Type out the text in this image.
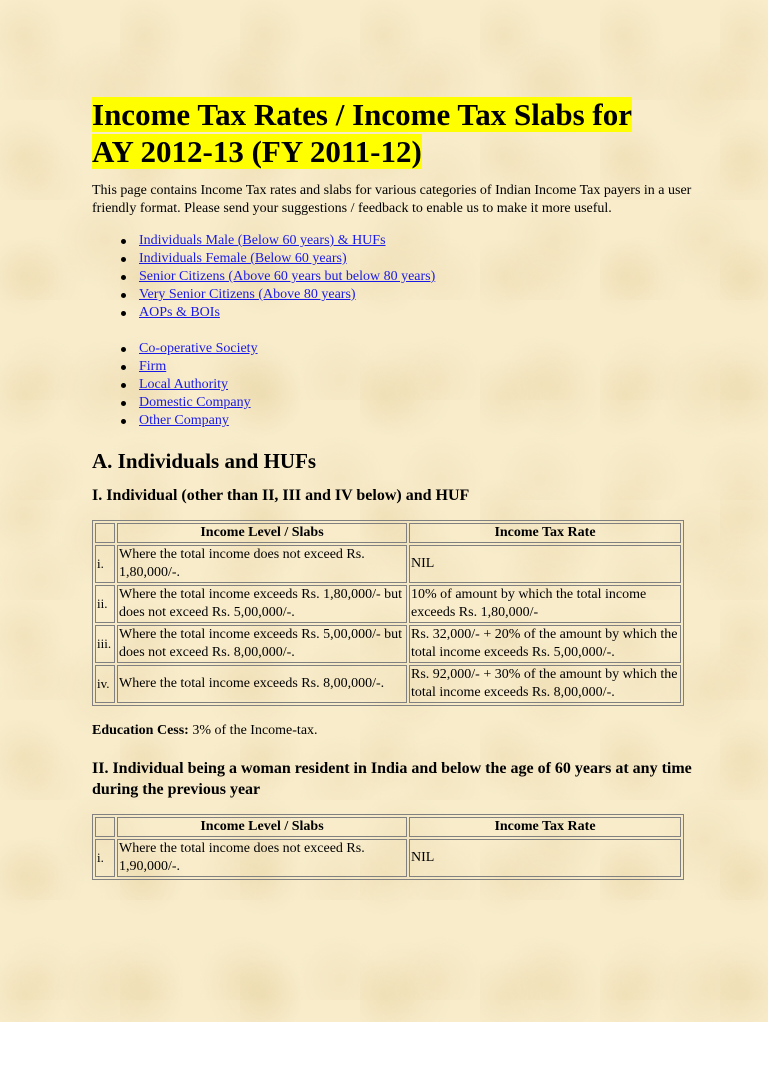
Income Tax Rates / Income Tax Slabs for
AY 2012-13 (FY 2011-12)

This page contains Income Tax rates and slabs for various categories of Indian Income Tax payers in a user friendly format. Please send your suggestions / feedback to enable us to make it more useful.

Individuals Male (Below 60 years) & HUFs
Individuals Female (Below 60 years)
Senior Citizens (Above 60 years but below 80 years)
Very Senior Citizens (Above 80 years)
AOPs & BOIs
Co-operative Society
Firm
Local Authority
Domestic Company
Other Company
A. Individuals and HUFs
I. Individual (other than II, III and IV below) and HUF
	Income Level / Slabs	Income Tax Rate
i.	Where the total income does not exceed Rs. 1,80,000/-.	NIL
ii.	Where the total income exceeds Rs. 1,80,000/- but does not exceed Rs. 5,00,000/-.	10% of amount by which the total income exceeds Rs. 1,80,000/-
iii.	Where the total income exceeds Rs. 5,00,000/- but does not exceed Rs. 8,00,000/-.	Rs. 32,000/- + 20% of the amount by which the total income exceeds Rs. 5,00,000/-.
iv.	Where the total income exceeds Rs. 8,00,000/-.	Rs. 92,000/- + 30% of the amount by which the total income exceeds Rs. 8,00,000/-.

Education Cess: 3% of the Income-tax.

II. Individual being a woman resident in India and below the age of 60 years at any time during the previous year
	Income Level / Slabs	Income Tax Rate
i.	Where the total income does not exceed Rs. 1,90,000/-.	NIL
